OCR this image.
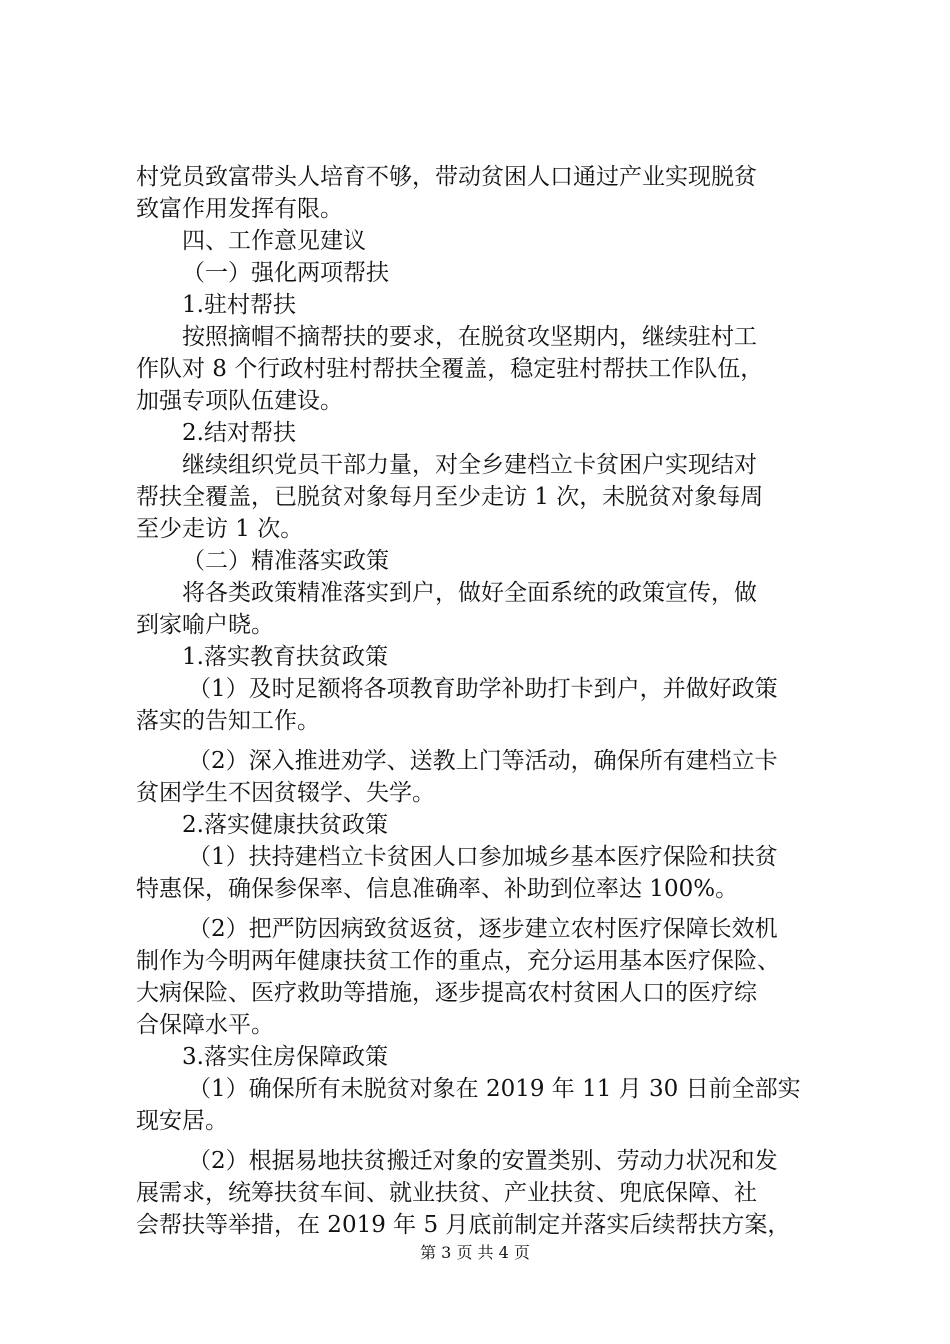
村党员致富带头人培育不够，带动贫困人口通过产业实现脱贫
致富作用发挥有限。
四、工作意见建议
（一）强化两项帮扶
1.驻村帮扶
按照摘帽不摘帮扶的要求，在脱贫攻坚期内，继续驻村工
作队对 8 个行政村驻村帮扶全覆盖，稳定驻村帮扶工作队伍，
加强专项队伍建设。
2.结对帮扶
继续组织党员干部力量，对全乡建档立卡贫困户实现结对
帮扶全覆盖，已脱贫对象每月至少走访 1 次，未脱贫对象每周
至少走访 1 次。
（二）精准落实政策
将各类政策精准落实到户，做好全面系统的政策宣传，做
到家喻户晓。
1.落实教育扶贫政策
（1）及时足额将各项教育助学补助打卡到户，并做好政策
落实的告知工作。
（2）深入推进劝学、送教上门等活动，确保所有建档立卡
贫困学生不因贫辍学、失学。
2.落实健康扶贫政策
（1）扶持建档立卡贫困人口参加城乡基本医疗保险和扶贫
特惠保，确保参保率、信息准确率、补助到位率达 100%。
（2）把严防因病致贫返贫，逐步建立农村医疗保障长效机
制作为今明两年健康扶贫工作的重点，充分运用基本医疗保险、
大病保险、医疗救助等措施，逐步提高农村贫困人口的医疗综
合保障水平。
3.落实住房保障政策
（1）确保所有未脱贫对象在 2019 年 11 月 30 日前全部实
现安居。
（2）根据易地扶贫搬迁对象的安置类别、劳动力状况和发
展需求，统筹扶贫车间、就业扶贫、产业扶贫、兜底保障、社
会帮扶等举措，在 2019 年 5 月底前制定并落实后续帮扶方案，
第 3 页 共 4 页
